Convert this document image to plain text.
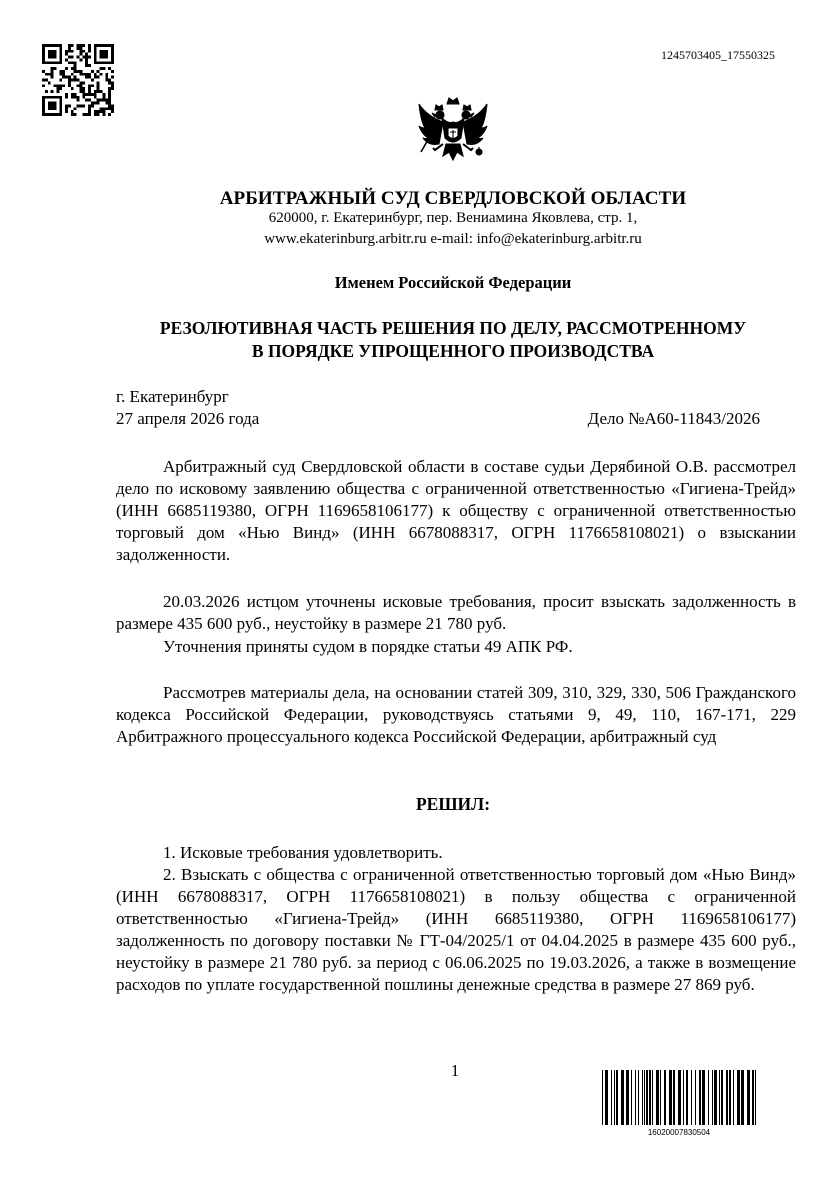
1245703405_17550325
АРБИТРАЖНЫЙ СУД СВЕРДЛОВСКОЙ ОБЛАСТИ
620000, г. Екатеринбург, пер. Вениамина Яковлева, стр. 1,
www.ekaterinburg.arbitr.ru e-mail: info@ekaterinburg.arbitr.ru
Именем Российской Федерации
РЕЗОЛЮТИВНАЯ ЧАСТЬ РЕШЕНИЯ ПО ДЕЛУ, РАССМОТРЕННОМУ
В ПОРЯДКЕ УПРОЩЕННОГО ПРОИЗВОДСТВА
г. Екатеринбург
27 апреля 2026 года	Дело №А60-11843/2026
Арбитражный суд Свердловской области в составе судьи Дерябиной О.В. рассмотрел дело по исковому заявлению общества с ограниченной ответственностью «Гигиена-Трейд» (ИНН 6685119380, ОГРН 1169658106177) к обществу с ограниченной ответственностью торговый дом «Нью Винд» (ИНН 6678088317, ОГРН 1176658108021) о взыскании задолженности.
20.03.2026 истцом уточнены исковые требования, просит взыскать задолженность в размере 435 600 руб., неустойку в размере 21 780 руб.
Уточнения приняты судом в порядке статьи 49 АПК РФ.
Рассмотрев материалы дела, на основании статей 309, 310, 329, 330, 506 Гражданского кодекса Российской Федерации, руководствуясь статьями 9, 49, 110, 167-171, 229 Арбитражного процессуального кодекса Российской Федерации, арбитражный суд
РЕШИЛ:
1. Исковые требования удовлетворить.
2. Взыскать с общества с ограниченной ответственностью торговый дом «Нью Винд» (ИНН 6678088317, ОГРН 1176658108021) в пользу общества с ограниченной ответственностью «Гигиена-Трейд» (ИНН 6685119380, ОГРН 1169658106177) задолженность по договору поставки № ГТ-04/2025/1 от 04.04.2025 в размере 435 600 руб., неустойку в размере 21 780 руб. за период с 06.06.2025 по 19.03.2026, а также в возмещение расходов по уплате государственной пошлины денежные средства в размере 27 869 руб.
1
16020007830504
